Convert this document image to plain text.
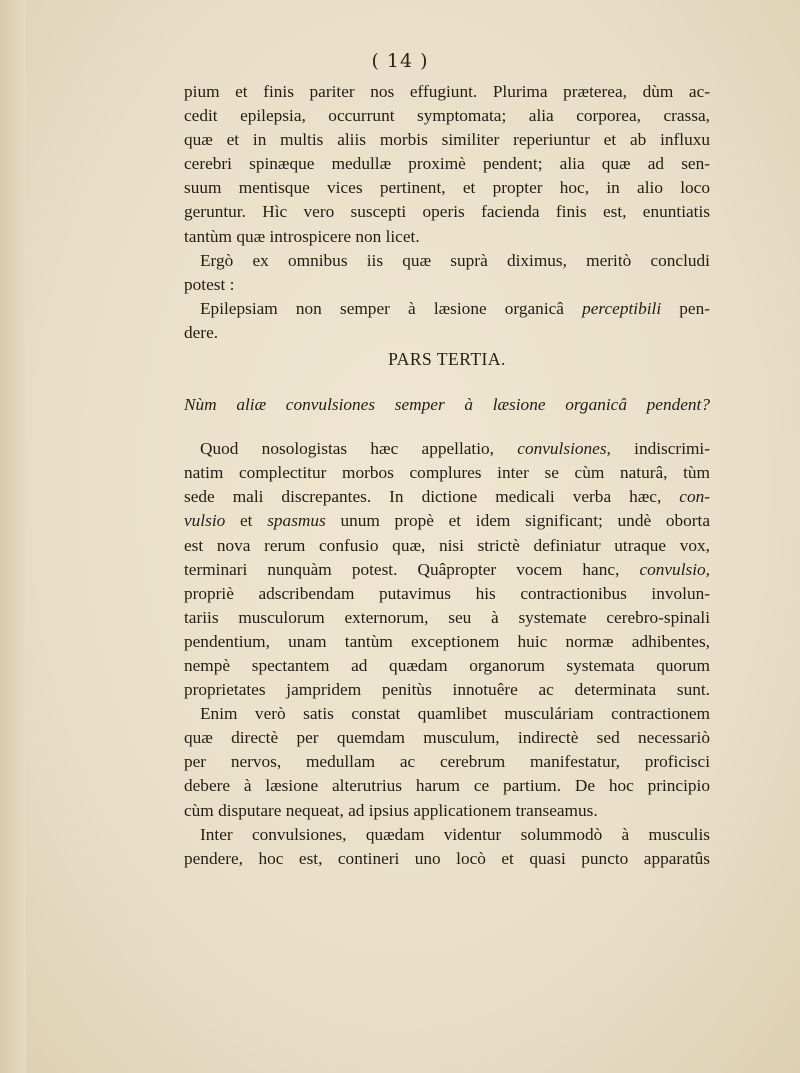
( 14 )
pium et finis pariter nos effugiunt. Plurima præterea, dùm ac-
cedit epilepsia, occurrunt symptomata; alia corporea, crassa,
quæ et in multis aliis morbis similiter reperiuntur et ab influxu
cerebri spinæque medullæ proximè pendent; alia quæ ad sen-
suum mentisque vices pertinent, et propter hoc, in alio loco
geruntur. Hìc vero suscepti operis facienda finis est, enuntiatis
tantùm quæ introspicere non licet.
Ergò ex omnibus iis quæ suprà diximus, meritò concludi
potest :
Epilepsiam non semper à læsione organicâ perceptibili pen-
dere.
PARS TERTIA.
Nùm aliæ convulsiones semper à læsione organicâ pendent?
Quod nosologistas hæc appellatio, convulsiones, indiscrimi-
natim complectitur morbos complures inter se cùm naturâ, tùm
sede mali discrepantes. In dictione medicali verba hæc, con-
vulsio et spasmus unum propè et idem significant; undè oborta
est nova rerum confusio quæ, nisi strictè definiatur utraque vox,
terminari nunquàm potest. Quâpropter vocem hanc, convulsio,
propriè adscribendam putavimus his contractionibus involun-
tariis musculorum externorum, seu à systemate cerebro-spinali
pendentium, unam tantùm exceptionem huic normæ adhibentes,
nempè spectantem ad quædam organorum systemata quorum
proprietates jampridem penitùs innotuêre ac determinata sunt.
Enim verò satis constat quamlibet musculáriam contractionem
quæ directè per quemdam musculum, indirectè sed necessariò
per nervos, medullam ac cerebrum manifestatur, proficisci
debere à læsione alterutrius harum ce partium. De hoc principio
cùm disputare nequeat, ad ipsius applicationem transeamus.
Inter convulsiones, quædam videntur solummodò à musculis
pendere, hoc est, contineri uno locò et quasi puncto apparatûs
